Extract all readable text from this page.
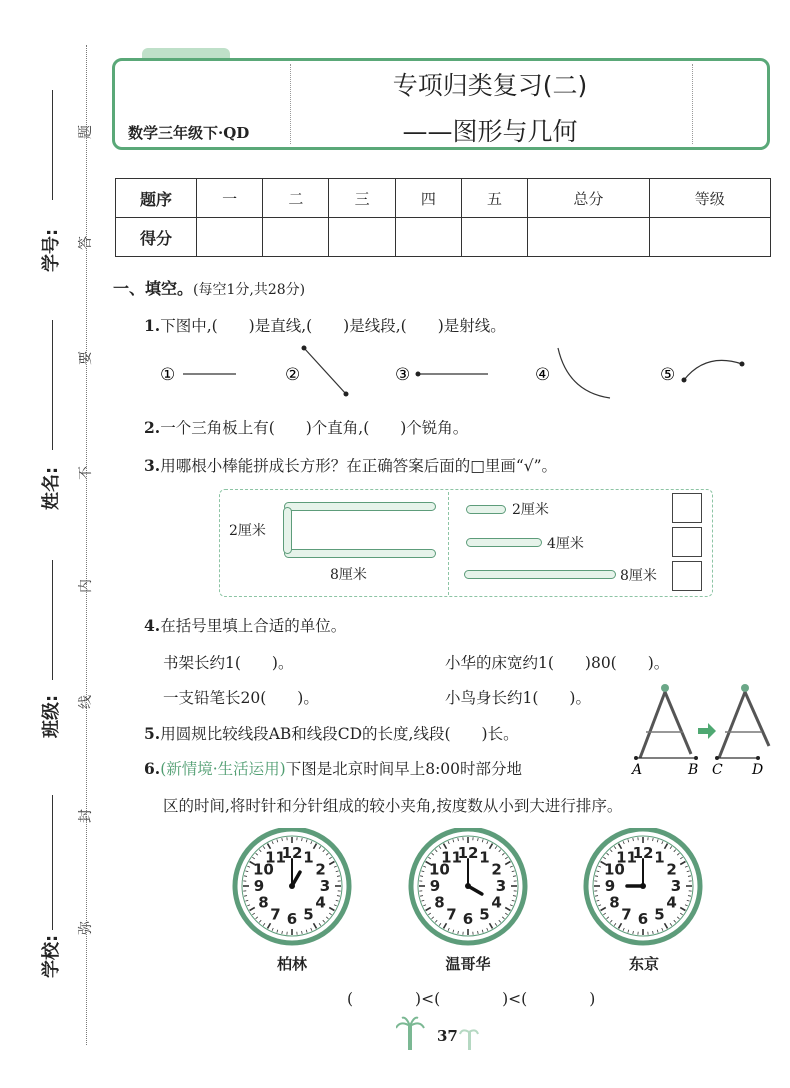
学号:
姓名:
班级:
学校:
题
答
要
不
内
线
封
弥
专项归类复习(二)
——图形与几何
数学三年级下·QD
题序	一	二	三	四	五	总分	等级
得分							
一、填空。(每空1分,共28分)
1.下图中,(　　)是直线,(　　)是线段,(　　)是射线。
①	②	③	④	⑤
2.一个三角板上有(　　)个直角,(　　)个锐角。
3.用哪根小棒能拼成长方形？在正确答案后面的□里画“√”。
2厘米
8厘米
2厘米
4厘米
8厘米
4.在括号里填上合适的单位。
书架长约1(　　)。	小华的床宽约1(　　)80(　　)。
一支铅笔长20(　　)。	小鸟身长约1(　　)。
5.用圆规比较线段AB和线段CD的长度,线段(　　)长。
A	B C D
6.(新情境·生活运用)下图是北京时间早上8:00时部分地
区的时间,将时针和分针组成的较小夹角,按度数从小到大进行排序。
1
2
3
4
5
6
7
8
9
10
11
12	1
2
3
4
5
6
7
8
9
10
11
12	1
2
3
4
5
6
7
8
9
10
11
12
柏林	温哥华	东京
(　　　　)<(　　　　)<(　　　　)
37
